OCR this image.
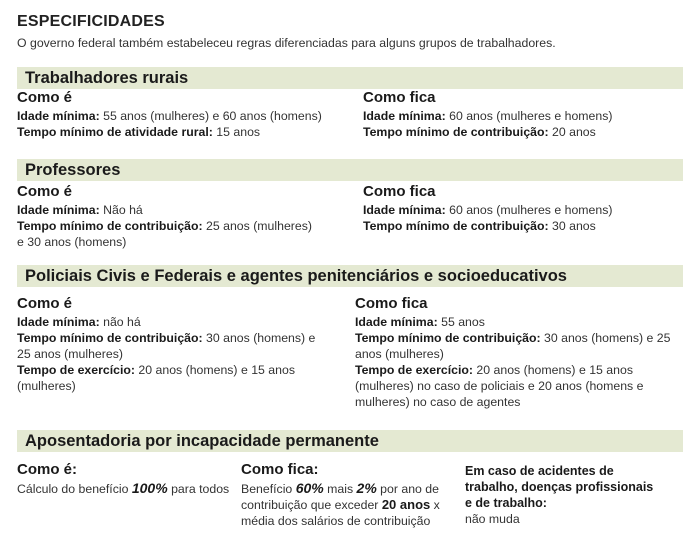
ESPECIFICIDADES
O governo federal também estabeleceu regras diferenciadas para alguns grupos de trabalhadores.
Trabalhadores rurais
Como é
Idade mínima: 55 anos (mulheres) e 60 anos (homens)
Tempo mínimo de atividade rural: 15 anos
Como fica
Idade mínima: 60 anos (mulheres e homens)
Tempo mínimo de contribuição: 20 anos
Professores
Como é
Idade mínima: Não há
Tempo mínimo de contribuição: 25 anos (mulheres) e 30 anos (homens)
Como fica
Idade mínima: 60 anos (mulheres e homens)
Tempo mínimo de contribuição: 30 anos
Policiais Civis e Federais e agentes penitenciários e socioeducativos
Como é
Idade mínima: não há
Tempo mínimo de contribuição: 30 anos (homens) e 25 anos (mulheres)
Tempo de exercício: 20 anos (homens) e 15 anos (mulheres)
Como fica
Idade mínima: 55 anos
Tempo mínimo de contribuição: 30 anos (homens) e 25 anos (mulheres)
Tempo de exercício: 20 anos (homens) e 15 anos (mulheres) no caso de policiais e 20 anos (homens e mulheres) no caso de agentes
Aposentadoria por incapacidade permanente
Como é:
Cálculo do benefício 100% para todos
Como fica:
Benefício 60% mais 2% por ano de contribuição que exceder 20 anos x média dos salários de contribuição
Em caso de acidentes de trabalho, doenças profissionais e de trabalho:
não muda
